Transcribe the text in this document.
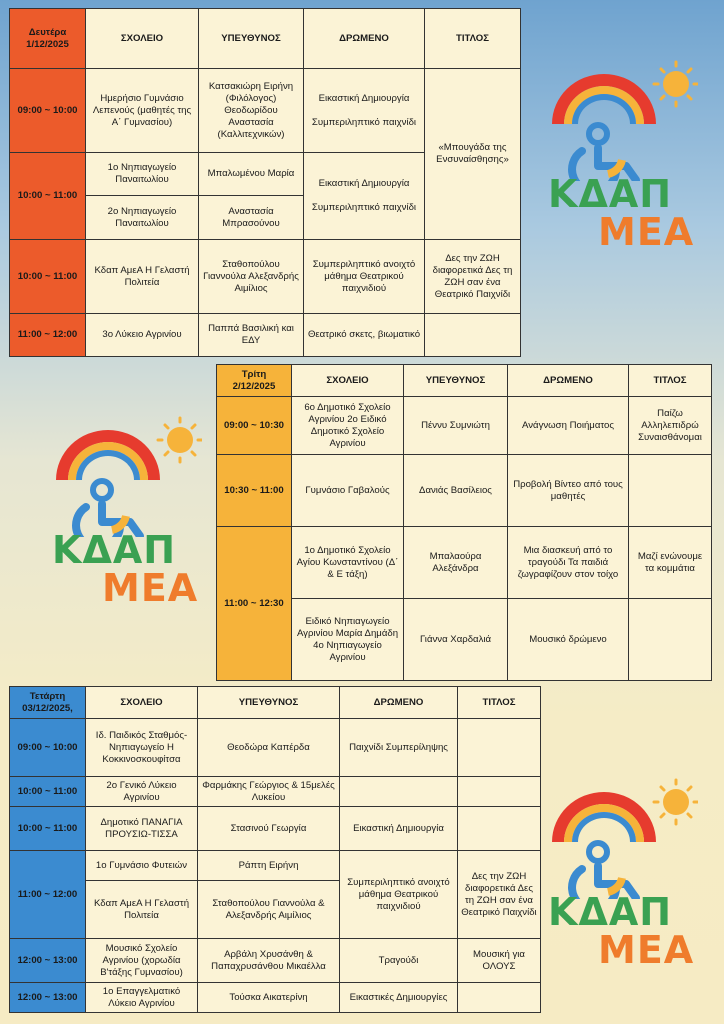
Δευτέρα
1/12/2025	ΣΧΟΛΕΙΟ	ΥΠΕΥΘΥΝΟΣ	ΔΡΩΜΕΝΟ	ΤΙΤΛΟΣ
09:00 ~ 10:00	Ημερήσιο Γυμνάσιο Λεπενούς (μαθητές της Α΄ Γυμνασίου)	Κατσακιώρη Ειρήνη (Φιλόλογος) Θεοδωρίδου Αναστασία (Καλλιτεχνικών)	Εικαστική Δημιουργία

Συμπεριληπτικό παιχνίδι	«Μπουγάδα της Ενσυναίσθησης»
10:00 ~ 11:00	1ο Νηπιαγωγείο Παναιτωλίου	Μπαλωμένου Μαρία	Εικαστική Δημιουργία

Συμπεριληπτικό παιχνίδι	
	2ο Νηπιαγωγείο Παναιτωλίου	Αναστασία Μπρασούνου		
10:00 ~ 11:00	Κδαπ ΑμεΑ Η Γελαστή Πολιτεία	Σταθοπούλου Γιαννούλα Αλεξανδρής Αιμίλιος	Συμπεριληπτικό ανοιχτό μάθημα Θεατρικού παιχνιδιού	Δες την ΖΩΗ διαφορετικά Δες τη ΖΩΗ σαν ένα Θεατρικό Παιχνίδι
11:00 ~ 12:00	3ο Λύκειο Αγρινίου	Παππά Βασιλική και ΕΔΥ	Θεατρικό σκετς, βιωματικό	
Τρίτη
2/12/2025	ΣΧΟΛΕΙΟ	ΥΠΕΥΘΥΝΟΣ	ΔΡΩΜΕΝΟ	ΤΙΤΛΟΣ
09:00 ~ 10:30	6ο Δημοτικό Σχολείο Αγρινίου 2ο Ειδικό Δημοτικό Σχολείο Αγρινίου	Πέννυ Συμνιώτη	Ανάγνωση Ποιήματος	Παίζω Αλληλεπιδρώ Συναισθάνομαι
10:30 ~ 11:00	Γυμνάσιο Γαβαλούς	Δανιάς Βασίλειος	Προβολή Βίντεο από τους μαθητές	
11:00 ~ 12:30	1ο Δημοτικό Σχολείο Αγίου Κωνσταντίνου (Δ΄ & Ε τάξη)	Μπαλαούρα Αλεξάνδρα	Μια διασκευή από το τραγούδι Τα παιδιά ζωγραφίζουν στον τοίχο	Μαζί ενώνουμε τα κομμάτια
	Ειδικό Νηπιαγωγείο Αγρινίου Μαρία Δημάδη 4ο Νηπιαγωγείο Αγρινίου	Γιάννα Χαρδαλιά	Μουσικό δρώμενο	
Τετάρτη
03/12/2025,	ΣΧΟΛΕΙΟ	ΥΠΕΥΘΥΝΟΣ	ΔΡΩΜΕΝΟ	ΤΙΤΛΟΣ
09:00 ~ 10:00	Ιδ. Παιδικός Σταθμός-Νηπιαγωγείο Η Κοκκινοσκουφίτσα	Θεοδώρα Καπέρδα	Παιχνίδι Συμπερίληψης	
10:00 ~ 11:00	2ο Γενικό Λύκειο Αγρινίου	Φαρμάκης Γεώργιος & 15μελές Λυκείου		
10:00 ~ 11:00	Δημοτικό ΠΑΝΑΓΙΑ ΠΡΟΥΣΙΩ-ΤΙΣΣΑ	Στασινού Γεωργία	Εικαστική Δημιουργία	
11:00 ~ 12:00	1ο Γυμνάσιο Φυτειών	Ράπτη Ειρήνη	Συμπεριληπτικό ανοιχτό μάθημα Θεατρικού παιχνιδιού	Δες την ΖΩΗ διαφορετικά Δες τη ΖΩΗ σαν ένα Θεατρικό Παιχνίδι
	Κδαπ ΑμεΑ Η Γελαστή Πολιτεία	Σταθοπούλου Γιαννούλα & Αλεξανδρής Αιμίλιος		
12:00 ~ 13:00	Μουσικό Σχολείο Αγρινίου (χορωδία Β'τάξης Γυμνασίου)	Αρβάλη Χρυσάνθη & Παπαχρυσάνθου Μικαέλλα	Τραγούδι	Μουσική για ΟΛΟΥΣ
12:00 ~ 13:00	1ο Επαγγελματικό Λύκειο Αγρινίου	Τούσκα Αικατερίνη	Εικαστικές Δημιουργίες	
ΚΔΑΠ
ΜΕΑ
ΚΔΑΠ
ΜΕΑ
ΚΔΑΠ
ΜΕΑ
